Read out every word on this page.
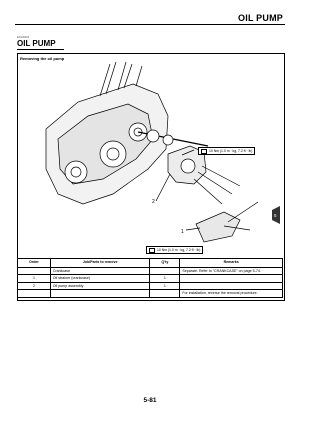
OIL PUMP
EAS30093
OIL PUMP
Removing the oil pump
2
1
5
10 Nm (1.0 m · kg, 7.2 ft · lb)
10 Nm (1.0 m · kg, 7.2 ft · lb)
Order	Job/Parts to remove	Q'ty	Remarks
	Crankcase		Separate. Refer to "CRANKCASE" on page 5-74.
1	Oil strainer (crankcase)	1	
2	Oil pump assembly	1	
			For installation, reverse the removal procedure.
5-81
